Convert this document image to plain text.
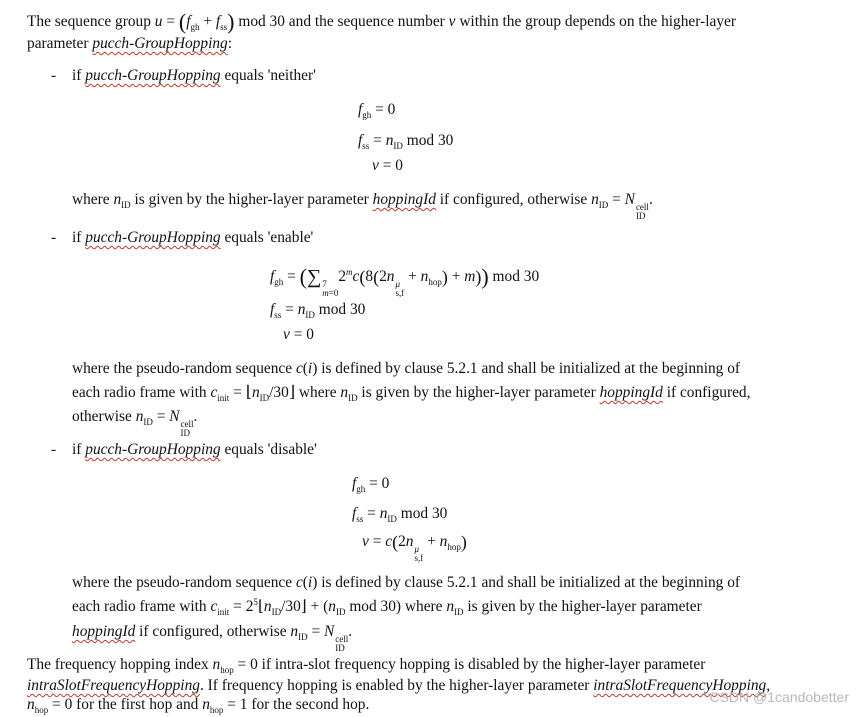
The sequence group $u = (f_{gh} + f_{ss})$ mod 30 and the sequence number v within the group depends on the higher-layer
parameter pucch-GroupHopping:
-	if pucch-GroupHopping equals 'neither'
$f_{gh} = 0$
$f_{ss} = n_{ID}$ mod 30
v = 0
where $n_{ID}$ is given by the higher-layer parameter hoppingId if configured, otherwise $n_{ID} = N$ cell
ID
.
-	if pucch-GroupHopping equals 'enable'
$f_{gh}$ = (∑ 7
m=0
2$^m$c(8(2n μ
s,f
+ $n_{hop}) + m$)) mod 30
$f_{ss} = n_{ID}$ mod 30
v = 0
where the pseudo-random sequence c(i) is defined by clause 5.2.1 and shall be initialized at the beginning of
each radio frame with $c_{init}$ = $⌊n_{ID}/30⌋$ where $n_{ID}$ is given by the higher-layer parameter hoppingId if configured,
otherwise $n_{ID} = N$ cell
ID
.
-	if pucch-GroupHopping equals 'disable'
$f_{gh} = 0$
$f_{ss} = n_{ID}$ mod 30
v = c(2n μ
s,f
+ $n_{hop}$)
where the pseudo-random sequence c(i) is defined by clause 5.2.1 and shall be initialized at the beginning of
each radio frame with $c_{init}$ = $2^5⌊n_{ID}/30⌋ + (n_{ID}$ mod 30) where $n_{ID}$ is given by the higher-layer parameter
hoppingId if configured, otherwise $n_{ID} = N$ cell
ID
.
The frequency hopping index $n_{hop} = 0$ if intra-slot frequency hopping is disabled by the higher-layer parameter
intraSlotFrequencyHopping. If frequency hopping is enabled by the higher-layer parameter intraSlotFrequencyHopping,
$n_{hop} = 0$ for the first hop and $n_{hop} = 1$ for the second hop.	CSDN @1candobetter
